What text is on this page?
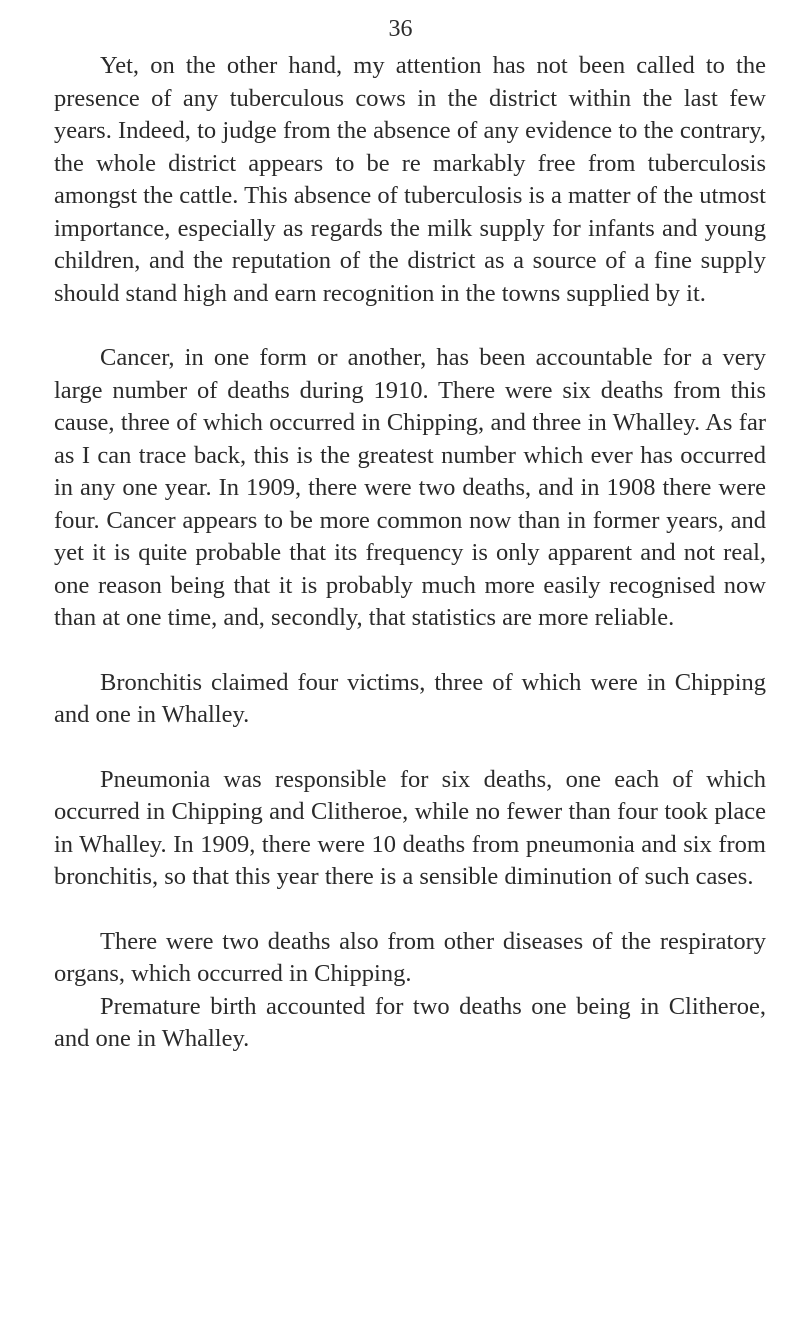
36

Yet, on the other hand, my attention has not been called to the presence of any tuberculous cows in the district within the last few years. Indeed, to judge from the absence of any evidence to the contrary, the whole district appears to be re markably free from tuberculosis amongst the cattle. This absence of tuberculosis is a matter of the utmost importance, especially as regards the milk supply for infants and young children, and the reputation of the district as a source of a fine supply should stand high and earn recognition in the towns supplied by it.

Cancer, in one form or another, has been accountable for a very large number of deaths during 1910. There were six deaths from this cause, three of which occurred in Chipping, and three in Whalley. As far as I can trace back, this is the greatest number which ever has occurred in any one year. In 1909, there were two deaths, and in 1908 there were four. Cancer appears to be more common now than in former years, and yet it is quite probable that its frequency is only apparent and not real, one reason being that it is probably much more easily recognised now than at one time, and, secondly, that statistics are more reliable.

Bronchitis claimed four victims, three of which were in Chipping and one in Whalley.

Pneumonia was responsible for six deaths, one each of which occurred in Chipping and Clitheroe, while no fewer than four took place in Whalley. In 1909, there were 10 deaths from pneumonia and six from bronchitis, so that this year there is a sensible diminution of such cases.

There were two deaths also from other diseases of the respiratory organs, which occurred in Chipping.

Premature birth accounted for two deaths one being in Clitheroe, and one in Whalley.
